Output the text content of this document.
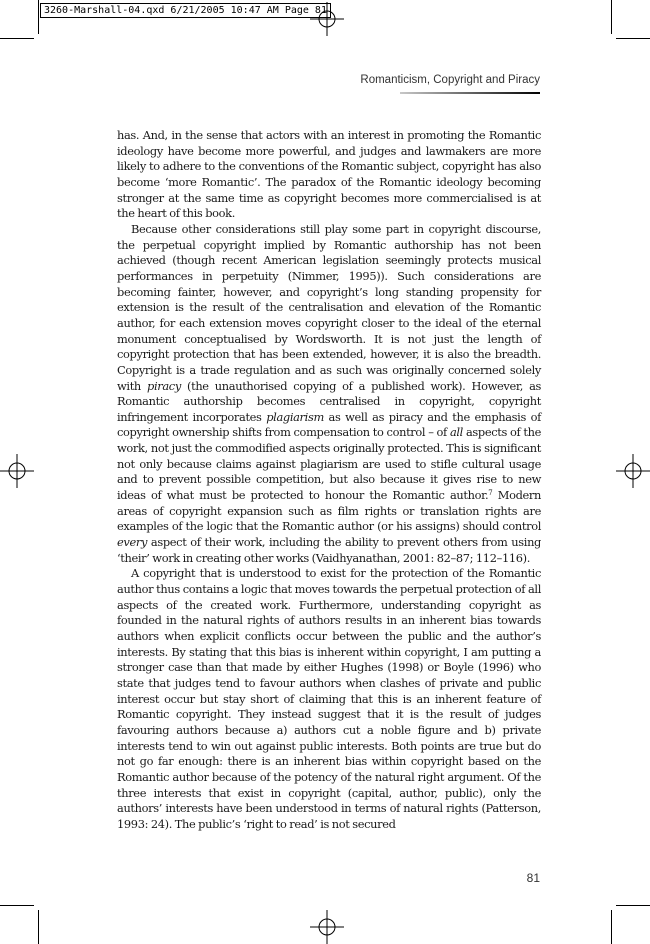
3260-Marshall-04.qxd 6/21/2005 10:47 AM Page 81
Romanticism, Copyright and Piracy

has. And, in the sense that actors with an interest in promoting the Romantic ideology have become more powerful, and judges and lawmakers are more likely to adhere to the conventions of the Romantic subject, copyright has also become ‘more Romantic’. The paradox of the Romantic ideology becoming stronger at the same time as copyright becomes more commercialised is at the heart of this book.

Because other considerations still play some part in copyright discourse, the perpetual copyright implied by Romantic authorship has not been achieved (though recent American legislation seemingly protects musical performances in perpetuity (Nimmer, 1995)). Such considerations are becoming fainter, however, and copyright’s long standing propensity for extension is the result of the centralisation and elevation of the Romantic author, for each extension moves copyright closer to the ideal of the eternal monument conceptualised by Wordsworth. It is not just the length of copyright protection that has been extended, however, it is also the breadth. Copyright is a trade regulation and as such was originally concerned solely with piracy (the unauthorised copying of a published work). However, as Romantic authorship becomes centralised in copyright, copyright infringement incorporates plagiarism as well as piracy and the emphasis of copyright ownership shifts from compensation to control – of all aspects of the work, not just the commodified aspects originally protected. This is significant not only because claims against plagiarism are used to stifle cultural usage and to prevent possible competition, but also because it gives rise to new ideas of what must be protected to honour the Romantic author.$^7$ Modern areas of copyright expansion such as film rights or translation rights are examples of the logic that the Romantic author (or his assigns) should control every aspect of their work, including the ability to prevent others from using ‘their’ work in creating other works (Vaidhyanathan, 2001: 82–87; 112–116).

A copyright that is understood to exist for the protection of the Romantic author thus contains a logic that moves towards the perpetual protection of all aspects of the created work. Furthermore, understanding copyright as founded in the natural rights of authors results in an inherent bias towards authors when explicit conflicts occur between the public and the author’s interests. By stating that this bias is inherent within copyright, I am putting a stronger case than that made by either Hughes (1998) or Boyle (1996) who state that judges tend to favour authors when clashes of private and public interest occur but stay short of claiming that this is an inherent feature of Romantic copyright. They instead suggest that it is the result of judges favouring authors because a) authors cut a noble figure and b) private interests tend to win out against public interests. Both points are true but do not go far enough: there is an inherent bias within copyright based on the Romantic author because of the potency of the natural right argument. Of the three interests that exist in copyright (capital, author, public), only the authors’ interests have been understood in terms of natural rights (Patterson, 1993: 24). The public’s ‘right to read’ is not secured

81
